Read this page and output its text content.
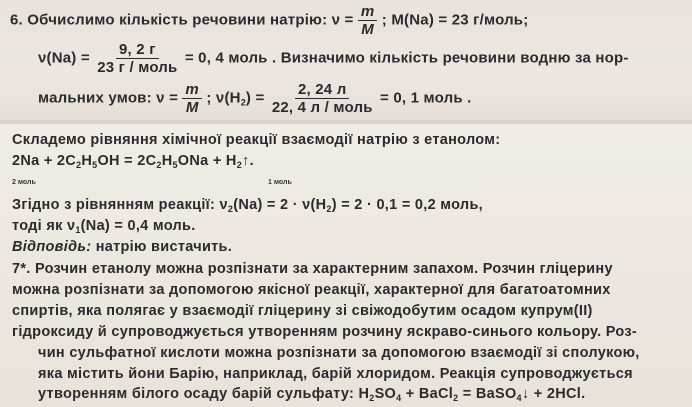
6. Обчислимо кількість речовини натрію: $\nu = \frac{m}{M}$ ; M(Na) = 23 г/моль;
$\nu(Na) = \frac{9, 2 г}{\text{23 г / моль}} = 0$, 4 моль . Визначимо кількість речовини водню за нор-
мальних умов: $\nu = \frac{m}{M}$ ; $\nu(H_2) = \frac{2, 24 л}{\text{22, 4 л / моль}} = 0$, 1 моль .
Складемо рівняння хімічної реакції взаємодії натрію з етанолом:
$2Na + 2C_2H_5OH = 2C_2H_5ONa$ + $H_2↑$.
2 моль	1 моль
Згідно з рівнянням реакції: $\nu_2(Na) = 2 \cdot \nu(H_2) = 2 \cdot 0,1 = 0,2$ моль,
тоді як $\nu_1(Na) = 0,4$ моль.
Відповідь: натрію вистачить.
7*. Розчин етанолу можна розпізнати за характерним запахом. Розчин гліцерину
можна розпізнати за допомогою якісної реакції, характерної для багатоатомних
спиртів, яка полягає у взаємодії гліцерину зі свіжодобутим осадом купрум(ІІ)
гідроксиду й супроводжується утворенням розчину яскраво-синього кольору. Роз-
чин сульфатної кислоти можна розпізнати за допомогою взаємодії зі сполукою,
яка містить йони Барію, наприклад, барій хлоридом. Реакція супроводжується
утворенням білого осаду барій сульфату: $H_2SO_4$ + BaCl$_2$ = BaSO$_4$↓ + 2HCl.
